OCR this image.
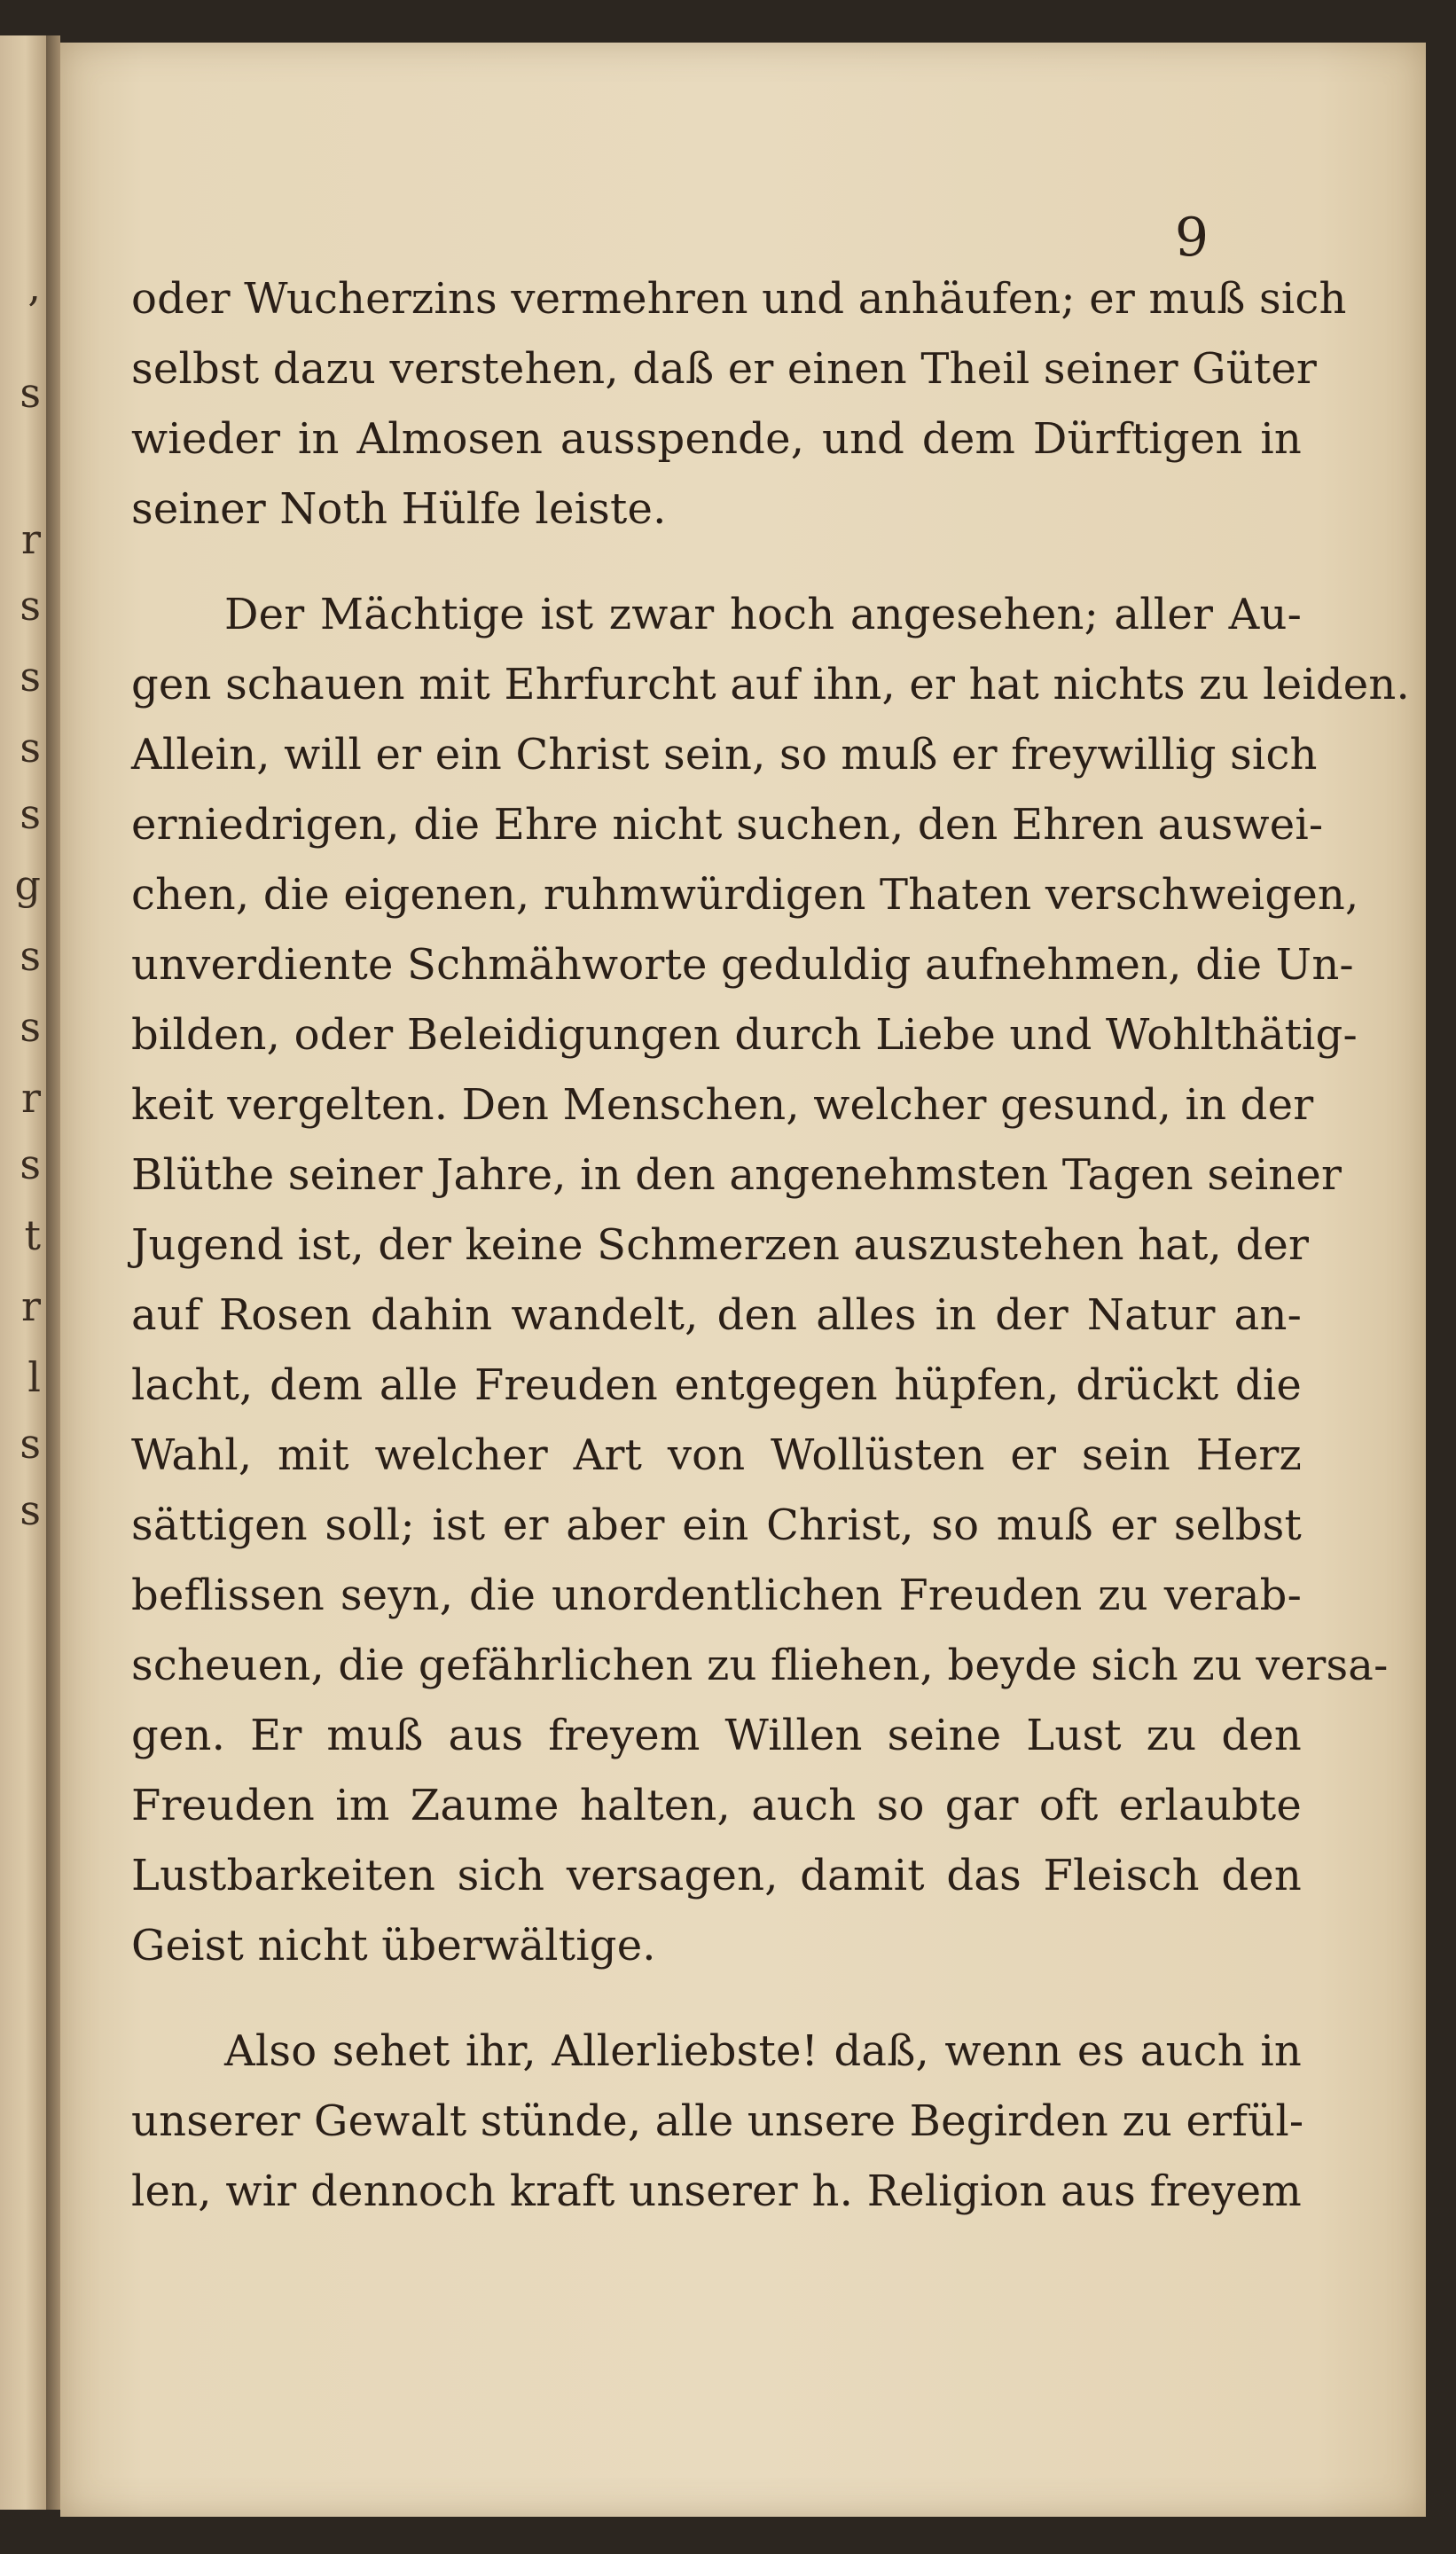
,
s
r
s
s
s
s
g
s
s
r
s
t
r
l
s
s
9
oder Wucherzins vermehren und anhäufen; er muß sich
selbst dazu verstehen, daß er einen Theil seiner Güter
wieder in Almosen ausspende, und dem Dürftigen in
seiner Noth Hülfe leiste.
Der Mächtige ist zwar hoch angesehen; aller Au-
gen schauen mit Ehrfurcht auf ihn, er hat nichts zu leiden.
Allein, will er ein Christ sein, so muß er freywillig sich
erniedrigen, die Ehre nicht suchen, den Ehren auswei-
chen, die eigenen, ruhmwürdigen Thaten verschweigen,
unverdiente Schmähworte geduldig aufnehmen, die Un-
bilden, oder Beleidigungen durch Liebe und Wohlthätig-
keit vergelten. Den Menschen, welcher gesund, in der
Blüthe seiner Jahre, in den angenehmsten Tagen seiner
Jugend ist, der keine Schmerzen auszustehen hat, der
auf Rosen dahin wandelt, den alles in der Natur an-
lacht, dem alle Freuden entgegen hüpfen, drückt die
Wahl, mit welcher Art von Wollüsten er sein Herz
sättigen soll; ist er aber ein Christ, so muß er selbst
beflissen seyn, die unordentlichen Freuden zu verab-
scheuen, die gefährlichen zu fliehen, beyde sich zu versa-
gen. Er muß aus freyem Willen seine Lust zu den
Freuden im Zaume halten, auch so gar oft erlaubte
Lustbarkeiten sich versagen, damit das Fleisch den
Geist nicht überwältige.
Also sehet ihr, Allerliebste! daß, wenn es auch in
unserer Gewalt stünde, alle unsere Begirden zu erfül-
len, wir dennoch kraft unserer h. Religion aus freyem
